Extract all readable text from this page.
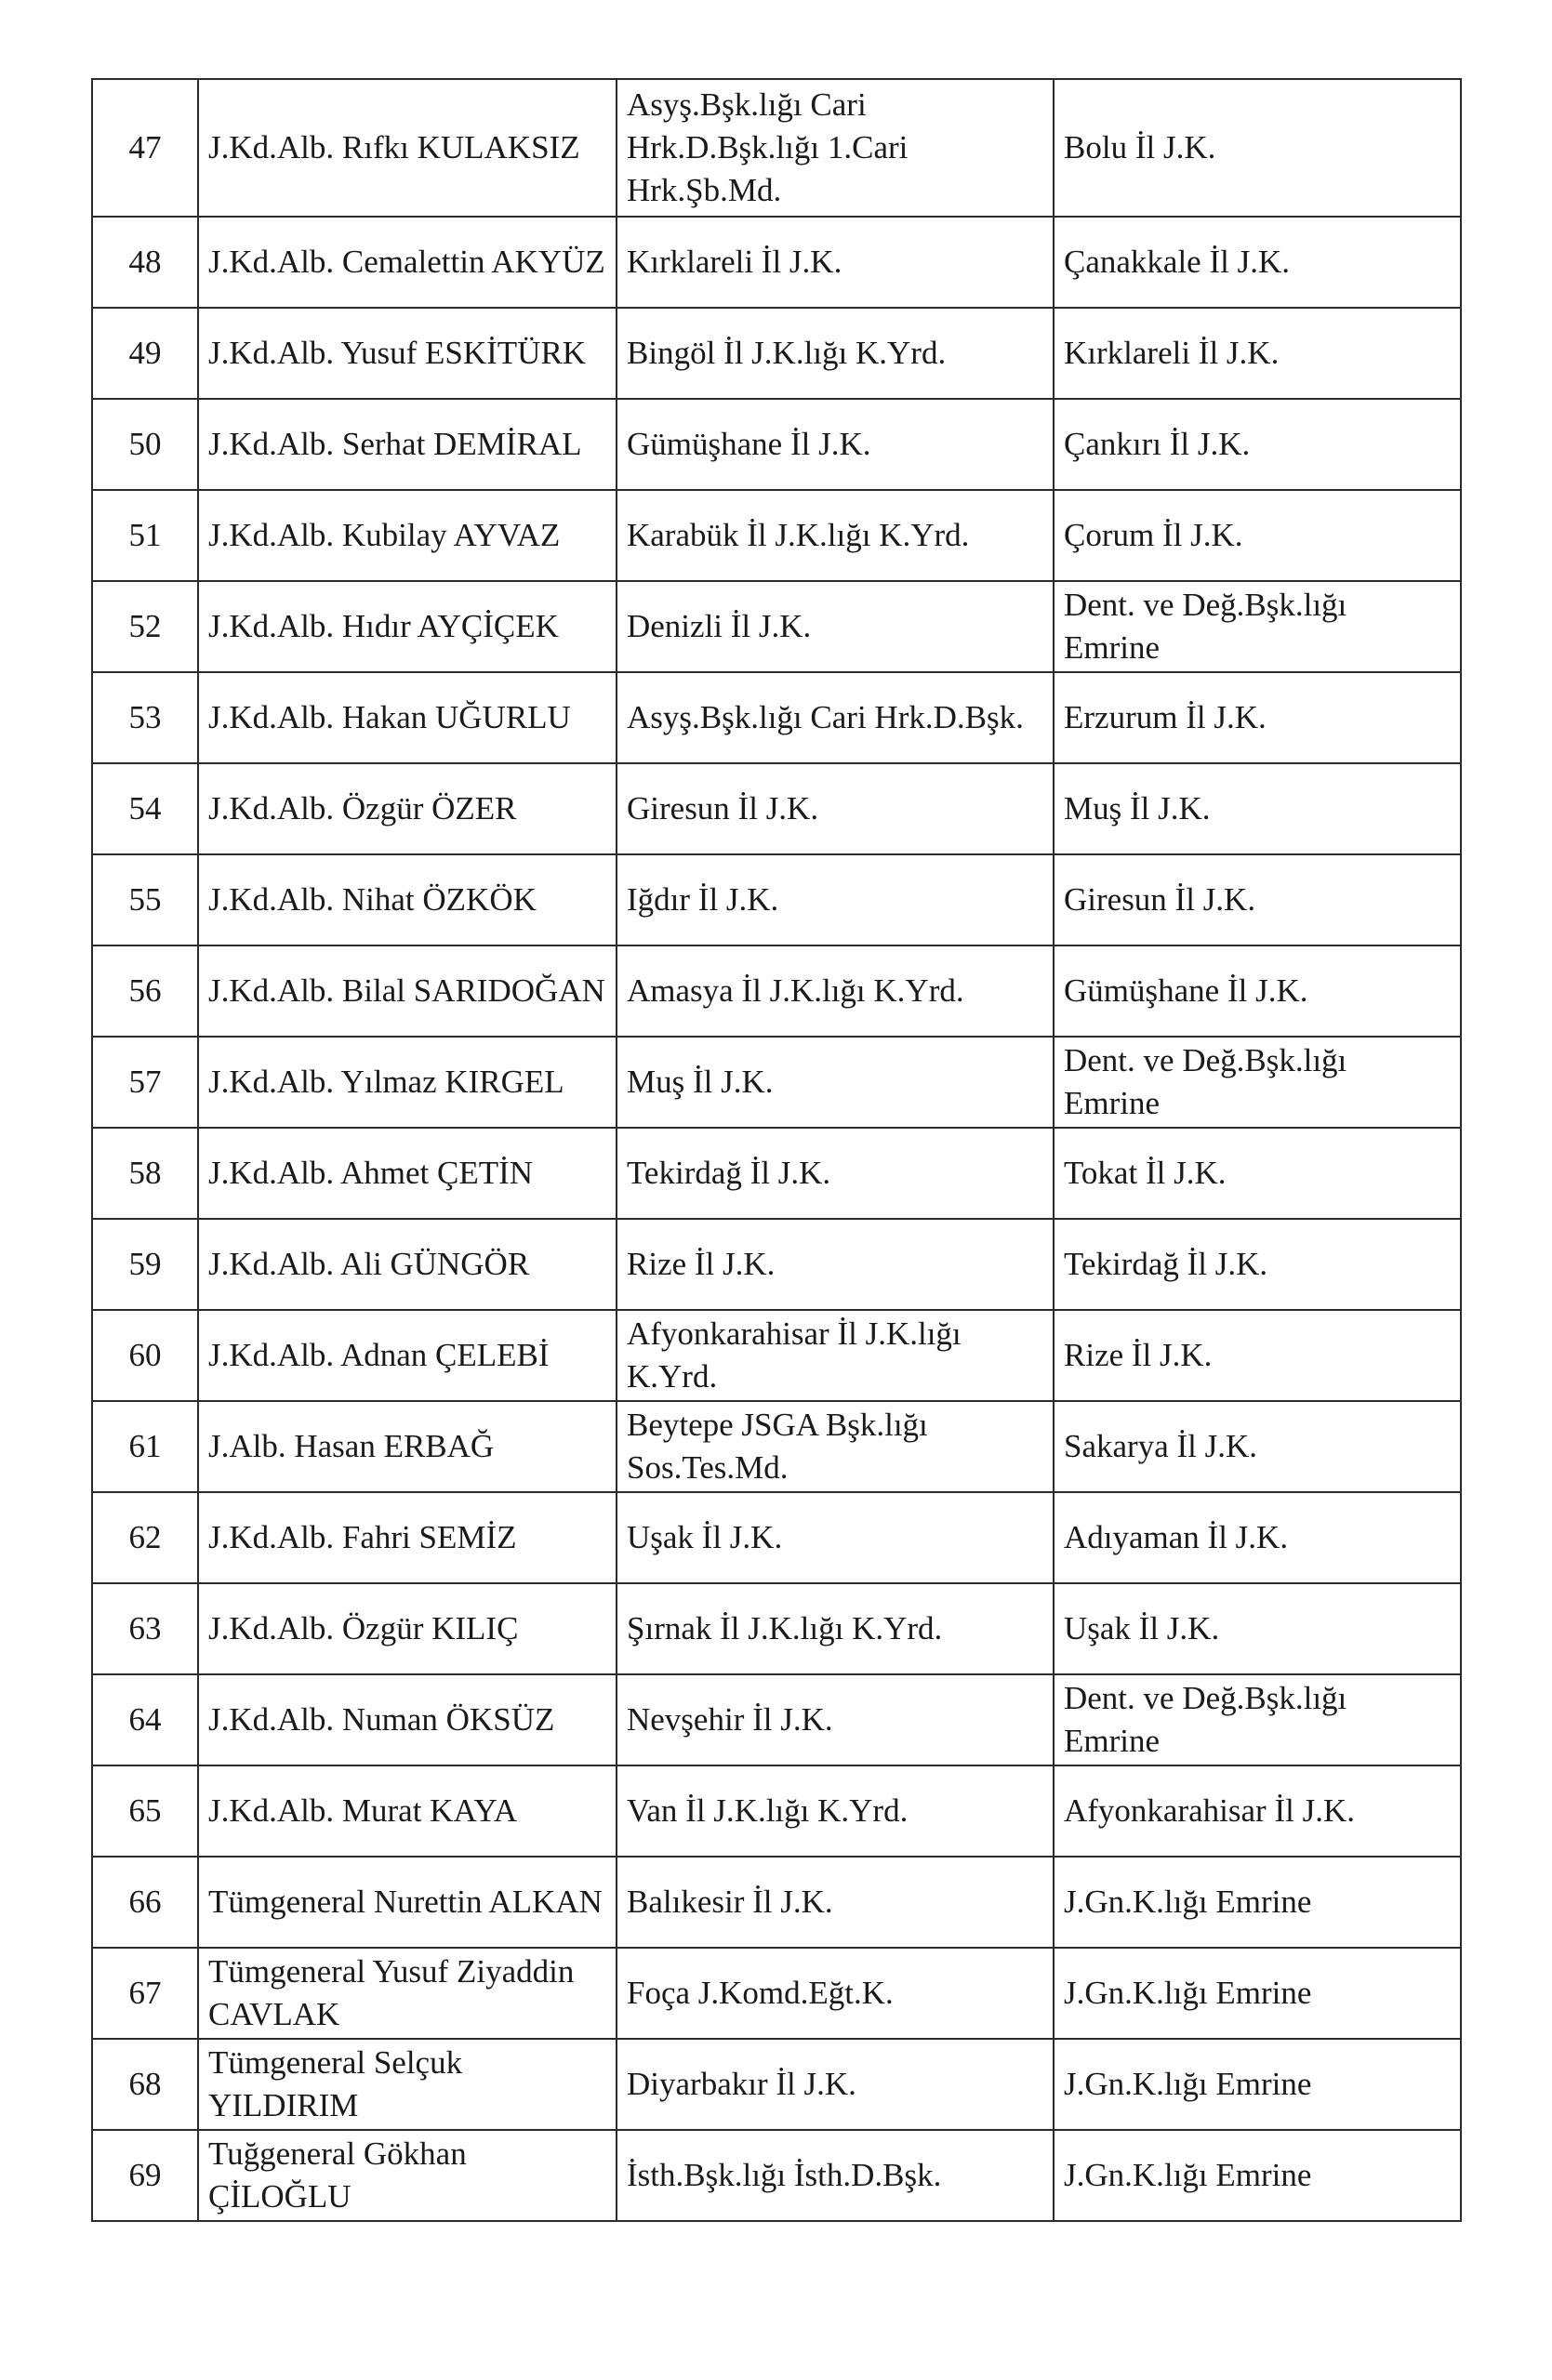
47	J.Kd.Alb. Rıfkı KULAKSIZ	Asyş.Bşk.lığı Cari Hrk.D.Bşk.lığı 1.Cari Hrk.Şb.Md.	Bolu İl J.K.
48	J.Kd.Alb. Cemalettin AKYÜZ	Kırklareli İl J.K.	Çanakkale İl J.K.
49	J.Kd.Alb. Yusuf ESKİTÜRK	Bingöl İl J.K.lığı K.Yrd.	Kırklareli İl J.K.
50	J.Kd.Alb. Serhat DEMİRAL	Gümüşhane İl J.K.	Çankırı İl J.K.
51	J.Kd.Alb. Kubilay AYVAZ	Karabük İl J.K.lığı K.Yrd.	Çorum İl J.K.
52	J.Kd.Alb. Hıdır AYÇİÇEK	Denizli İl J.K.	Dent. ve Değ.Bşk.lığı Emrine
53	J.Kd.Alb. Hakan UĞURLU	Asyş.Bşk.lığı Cari Hrk.D.Bşk.	Erzurum İl J.K.
54	J.Kd.Alb. Özgür ÖZER	Giresun İl J.K.	Muş İl J.K.
55	J.Kd.Alb. Nihat ÖZKÖK	Iğdır İl J.K.	Giresun İl J.K.
56	J.Kd.Alb. Bilal SARIDOĞAN	Amasya İl J.K.lığı K.Yrd.	Gümüşhane İl J.K.
57	J.Kd.Alb. Yılmaz KIRGEL	Muş İl J.K.	Dent. ve Değ.Bşk.lığı Emrine
58	J.Kd.Alb. Ahmet ÇETİN	Tekirdağ İl J.K.	Tokat İl J.K.
59	J.Kd.Alb. Ali GÜNGÖR	Rize İl J.K.	Tekirdağ İl J.K.
60	J.Kd.Alb. Adnan ÇELEBİ	Afyonkarahisar İl J.K.lığı K.Yrd.	Rize İl J.K.
61	J.Alb. Hasan ERBAĞ	Beytepe JSGA Bşk.lığı Sos.Tes.Md.	Sakarya İl J.K.
62	J.Kd.Alb. Fahri SEMİZ	Uşak İl J.K.	Adıyaman İl J.K.
63	J.Kd.Alb. Özgür KILIÇ	Şırnak İl J.K.lığı K.Yrd.	Uşak İl J.K.
64	J.Kd.Alb. Numan ÖKSÜZ	Nevşehir İl J.K.	Dent. ve Değ.Bşk.lığı Emrine
65	J.Kd.Alb. Murat KAYA	Van İl J.K.lığı K.Yrd.	Afyonkarahisar İl J.K.
66	Tümgeneral Nurettin ALKAN	Balıkesir İl J.K.	J.Gn.K.lığı Emrine
67	Tümgeneral Yusuf Ziyaddin CAVLAK	Foça J.Komd.Eğt.K.	J.Gn.K.lığı Emrine
68	Tümgeneral Selçuk YILDIRIM	Diyarbakır İl J.K.	J.Gn.K.lığı Emrine
69	Tuğgeneral Gökhan ÇİLOĞLU	İsth.Bşk.lığı İsth.D.Bşk.	J.Gn.K.lığı Emrine
